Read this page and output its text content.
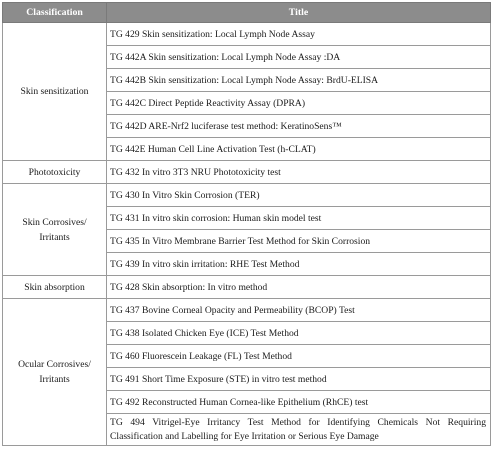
Classification	Title
Skin sensitization	TG 429 Skin sensitization: Local Lymph Node Assay
	TG 442A Skin sensitization: Local Lymph Node Assay :DA
	TG 442B Skin sensitization: Local Lymph Node Assay: BrdU-ELISA
	TG 442C Direct Peptide Reactivity Assay (DPRA)
	TG 442D ARE-Nrf2 luciferase test method: KeratinoSens™
	TG 442E Human Cell Line Activation Test (h-CLAT)
Phototoxicity	TG 432 In vitro 3T3 NRU Phototoxicity test
Skin Corrosives/ Irritants	TG 430 In Vitro Skin Corrosion (TER)
	TG 431 In vitro skin corrosion: Human skin model test
	TG 435 In Vitro Membrane Barrier Test Method for Skin Corrosion
	TG 439 In vitro skin irritation: RHE Test Method
Skin absorption	TG 428 Skin absorption: In vitro method
Ocular Corrosives/ Irritants	TG 437 Bovine Corneal Opacity and Permeability (BCOP) Test
	TG 438 Isolated Chicken Eye (ICE) Test Method
	TG 460 Fluorescein Leakage (FL) Test Method
	TG 491 Short Time Exposure (STE) in vitro test method
	TG 492 Reconstructed Human Cornea-like Epithelium (RhCE) test
	TG 494 Vitrigel-Eye Irritancy Test Method for Identifying Chemicals Not Requiring Classification and Labelling for Eye Irritation or Serious Eye Damage
